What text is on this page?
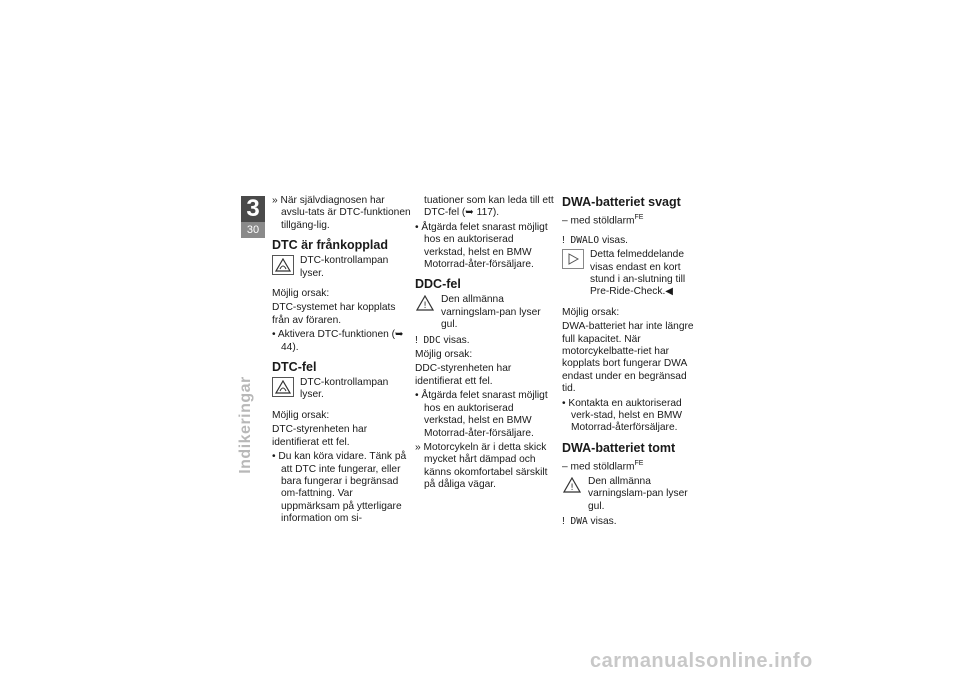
3
30
Indikeringar

» När självdiagnosen har avslu-tats är DTC-funktionen tillgäng-lig.

DTC är frånkopplad
DTC-kontrollampan lyser.

Möjlig orsak:

DTC-systemet har kopplats från av föraren.

• Aktivera DTC-funktionen (➥ 44).

DTC-fel
DTC-kontrollampan lyser.

Möjlig orsak:

DTC-styrenheten har identifierat ett fel.

• Du kan köra vidare. Tänk på att DTC inte fungerar, eller bara fungerar i begränsad om-fattning. Var uppmärksam på ytterligare information om si-

tuationer som kan leda till ett DTC-fel (➥ 117).

• Åtgärda felet snarast möjligt hos en auktoriserad verkstad, helst en BMW Motorrad-åter-försäljare.

DDC-fel
!
Den allmänna varningslam-pan lyser gul.

! DDC visas.

Möjlig orsak:

DDC-styrenheten har identifierat ett fel.

• Åtgärda felet snarast möjligt hos en auktoriserad verkstad, helst en BMW Motorrad-åter-försäljare.

» Motorcykeln är i detta skick mycket hårt dämpad och känns okomfortabel särskilt på dåliga vägar.

DWA-batteriet svagt

– med stöldlarm$^{FE}$

! DWALO visas.

Detta felmeddelande visas endast en kort stund i an-slutning till Pre-Ride-Check.◀

Möjlig orsak:

DWA-batteriet har inte längre full kapacitet. När motorcykelbatte-riet har kopplats bort fungerar DWA endast under en begränsad tid.

• Kontakta en auktoriserad verk-stad, helst en BMW Motorrad-återförsäljare.

DWA-batteriet tomt

– med stöldlarm$^{FE}$

!
Den allmänna varningslam-pan lyser gul.

! DWA visas.

carmanualsonline.info
